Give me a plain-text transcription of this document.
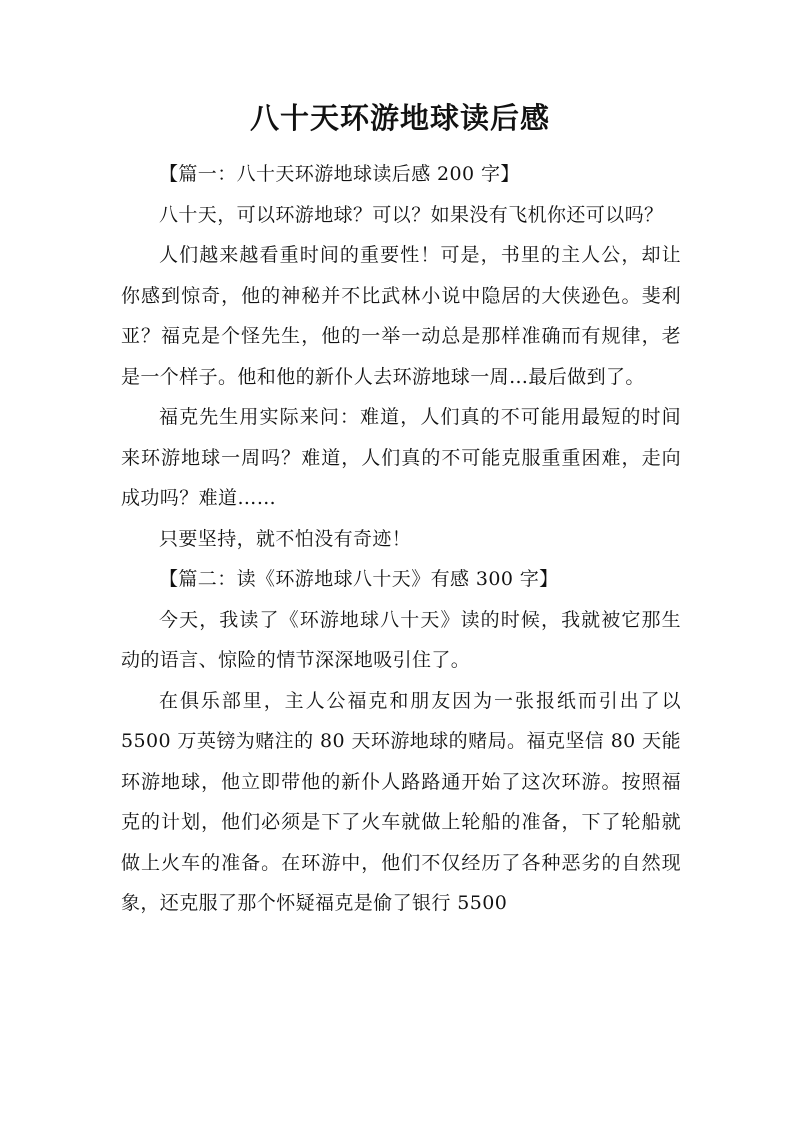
八十天环游地球读后感

【篇一：八十天环游地球读后感 200 字】

八十天，可以环游地球？可以？如果没有飞机你还可以吗？

人们越来越看重时间的重要性！可是，书里的主人公，却让你感到惊奇，他的神秘并不比武林小说中隐居的大侠逊色。斐利亚？福克是个怪先生，他的一举一动总是那样准确而有规律，老是一个样子。他和他的新仆人去环游地球一周…最后做到了。

福克先生用实际来问：难道，人们真的不可能用最短的时间来环游地球一周吗？难道，人们真的不可能克服重重困难，走向成功吗？难道……

只要坚持，就不怕没有奇迹！

【篇二：读《环游地球八十天》有感 300 字】

今天，我读了《环游地球八十天》读的时候，我就被它那生动的语言、惊险的情节深深地吸引住了。

在俱乐部里，主人公福克和朋友因为一张报纸而引出了以 5500 万英镑为赌注的 80 天环游地球的赌局。福克坚信 80 天能环游地球，他立即带他的新仆人路路通开始了这次环游。按照福克的计划，他们必须是下了火车就做上轮船的准备，下了轮船就做上火车的准备。在环游中，他们不仅经历了各种恶劣的自然现象，还克服了那个怀疑福克是偷了银行 5500
